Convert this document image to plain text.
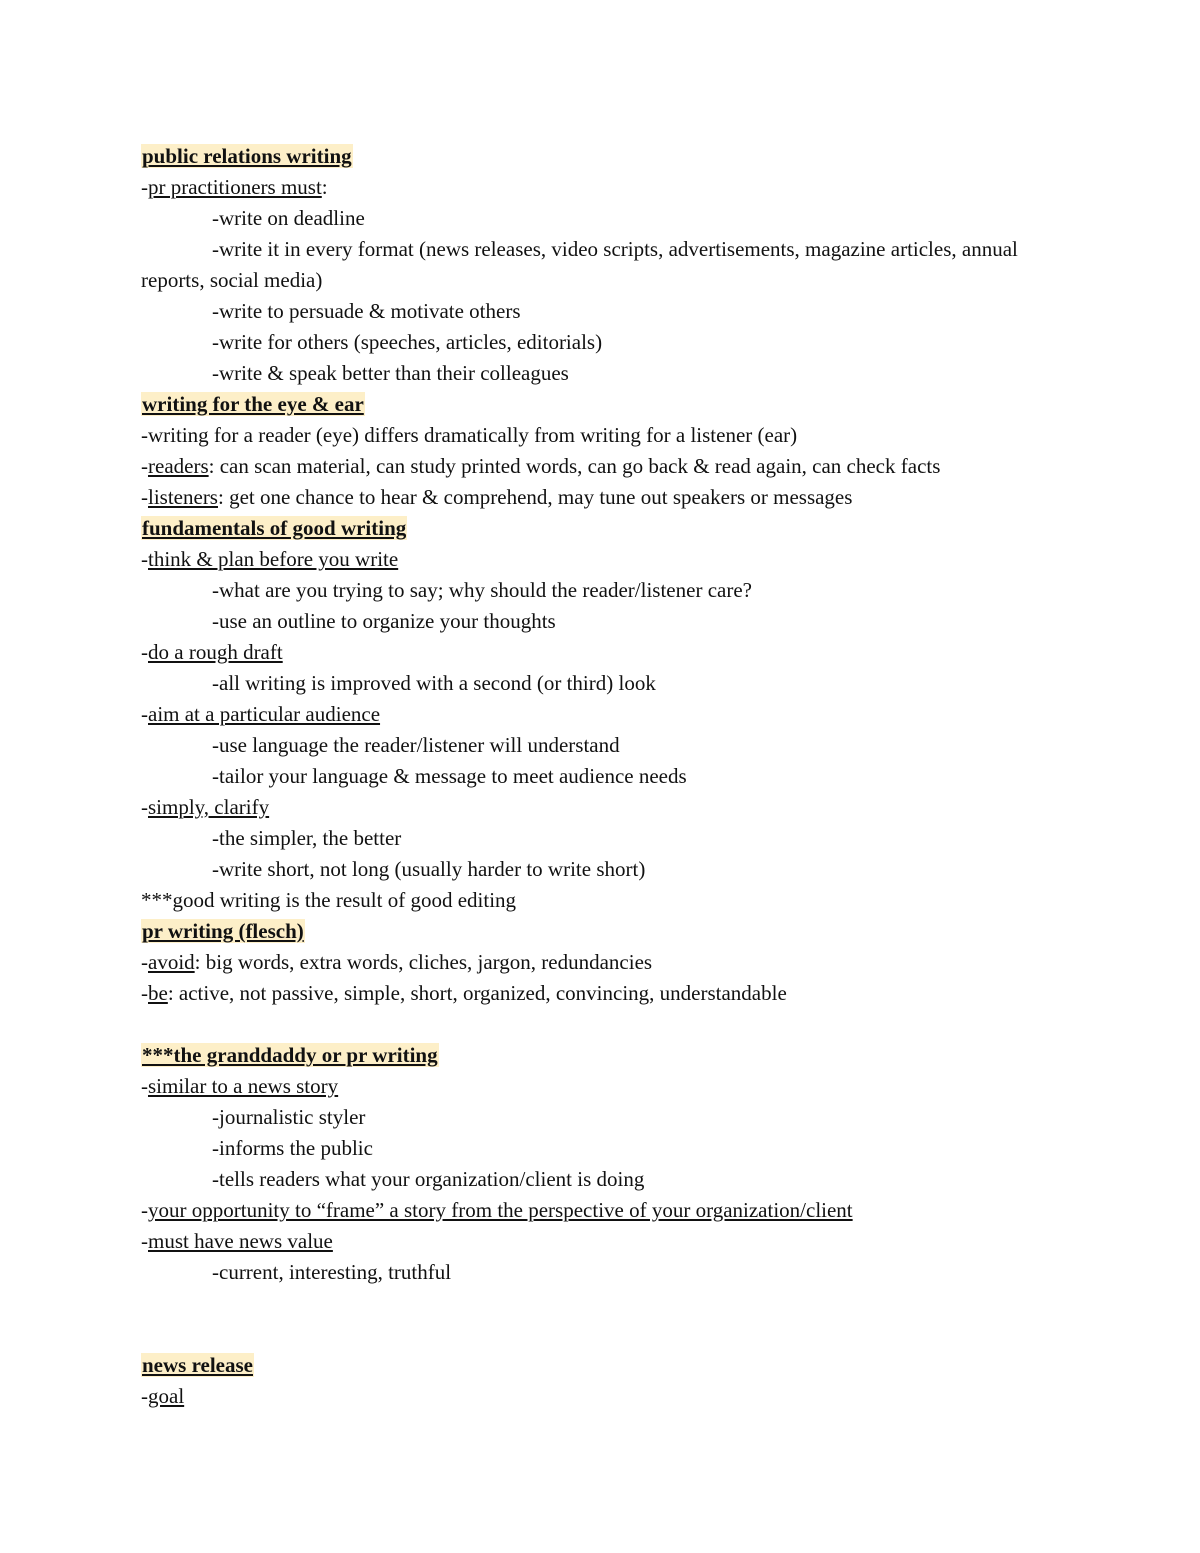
public relations writing
-pr practitioners must:
-write on deadline
-write it in every format (news releases, video scripts, advertisements, magazine articles, annual reports, social media)
-write to persuade & motivate others
-write for others (speeches, articles, editorials)
-write & speak better than their colleagues
writing for the eye & ear
-writing for a reader (eye) differs dramatically from writing for a listener (ear)
-readers: can scan material, can study printed words, can go back & read again, can check facts
-listeners: get one chance to hear & comprehend, may tune out speakers or messages
fundamentals of good writing
-think & plan before you write
-what are you trying to say; why should the reader/listener care?
-use an outline to organize your thoughts
-do a rough draft
-all writing is improved with a second (or third) look
-aim at a particular audience
-use language the reader/listener will understand
-tailor your language & message to meet audience needs
-simply, clarify
-the simpler, the better
-write short, not long (usually harder to write short)
***good writing is the result of good editing
pr writing (flesch)
-avoid: big words, extra words, cliches, jargon, redundancies
-be: active, not passive, simple, short, organized, convincing, understandable
***the granddaddy or pr writing
-similar to a news story
-journalistic styler
-informs the public
-tells readers what your organization/client is doing
-your opportunity to “frame” a story from the perspective of your organization/client
-must have news value
-current, interesting, truthful
news release
-goal
